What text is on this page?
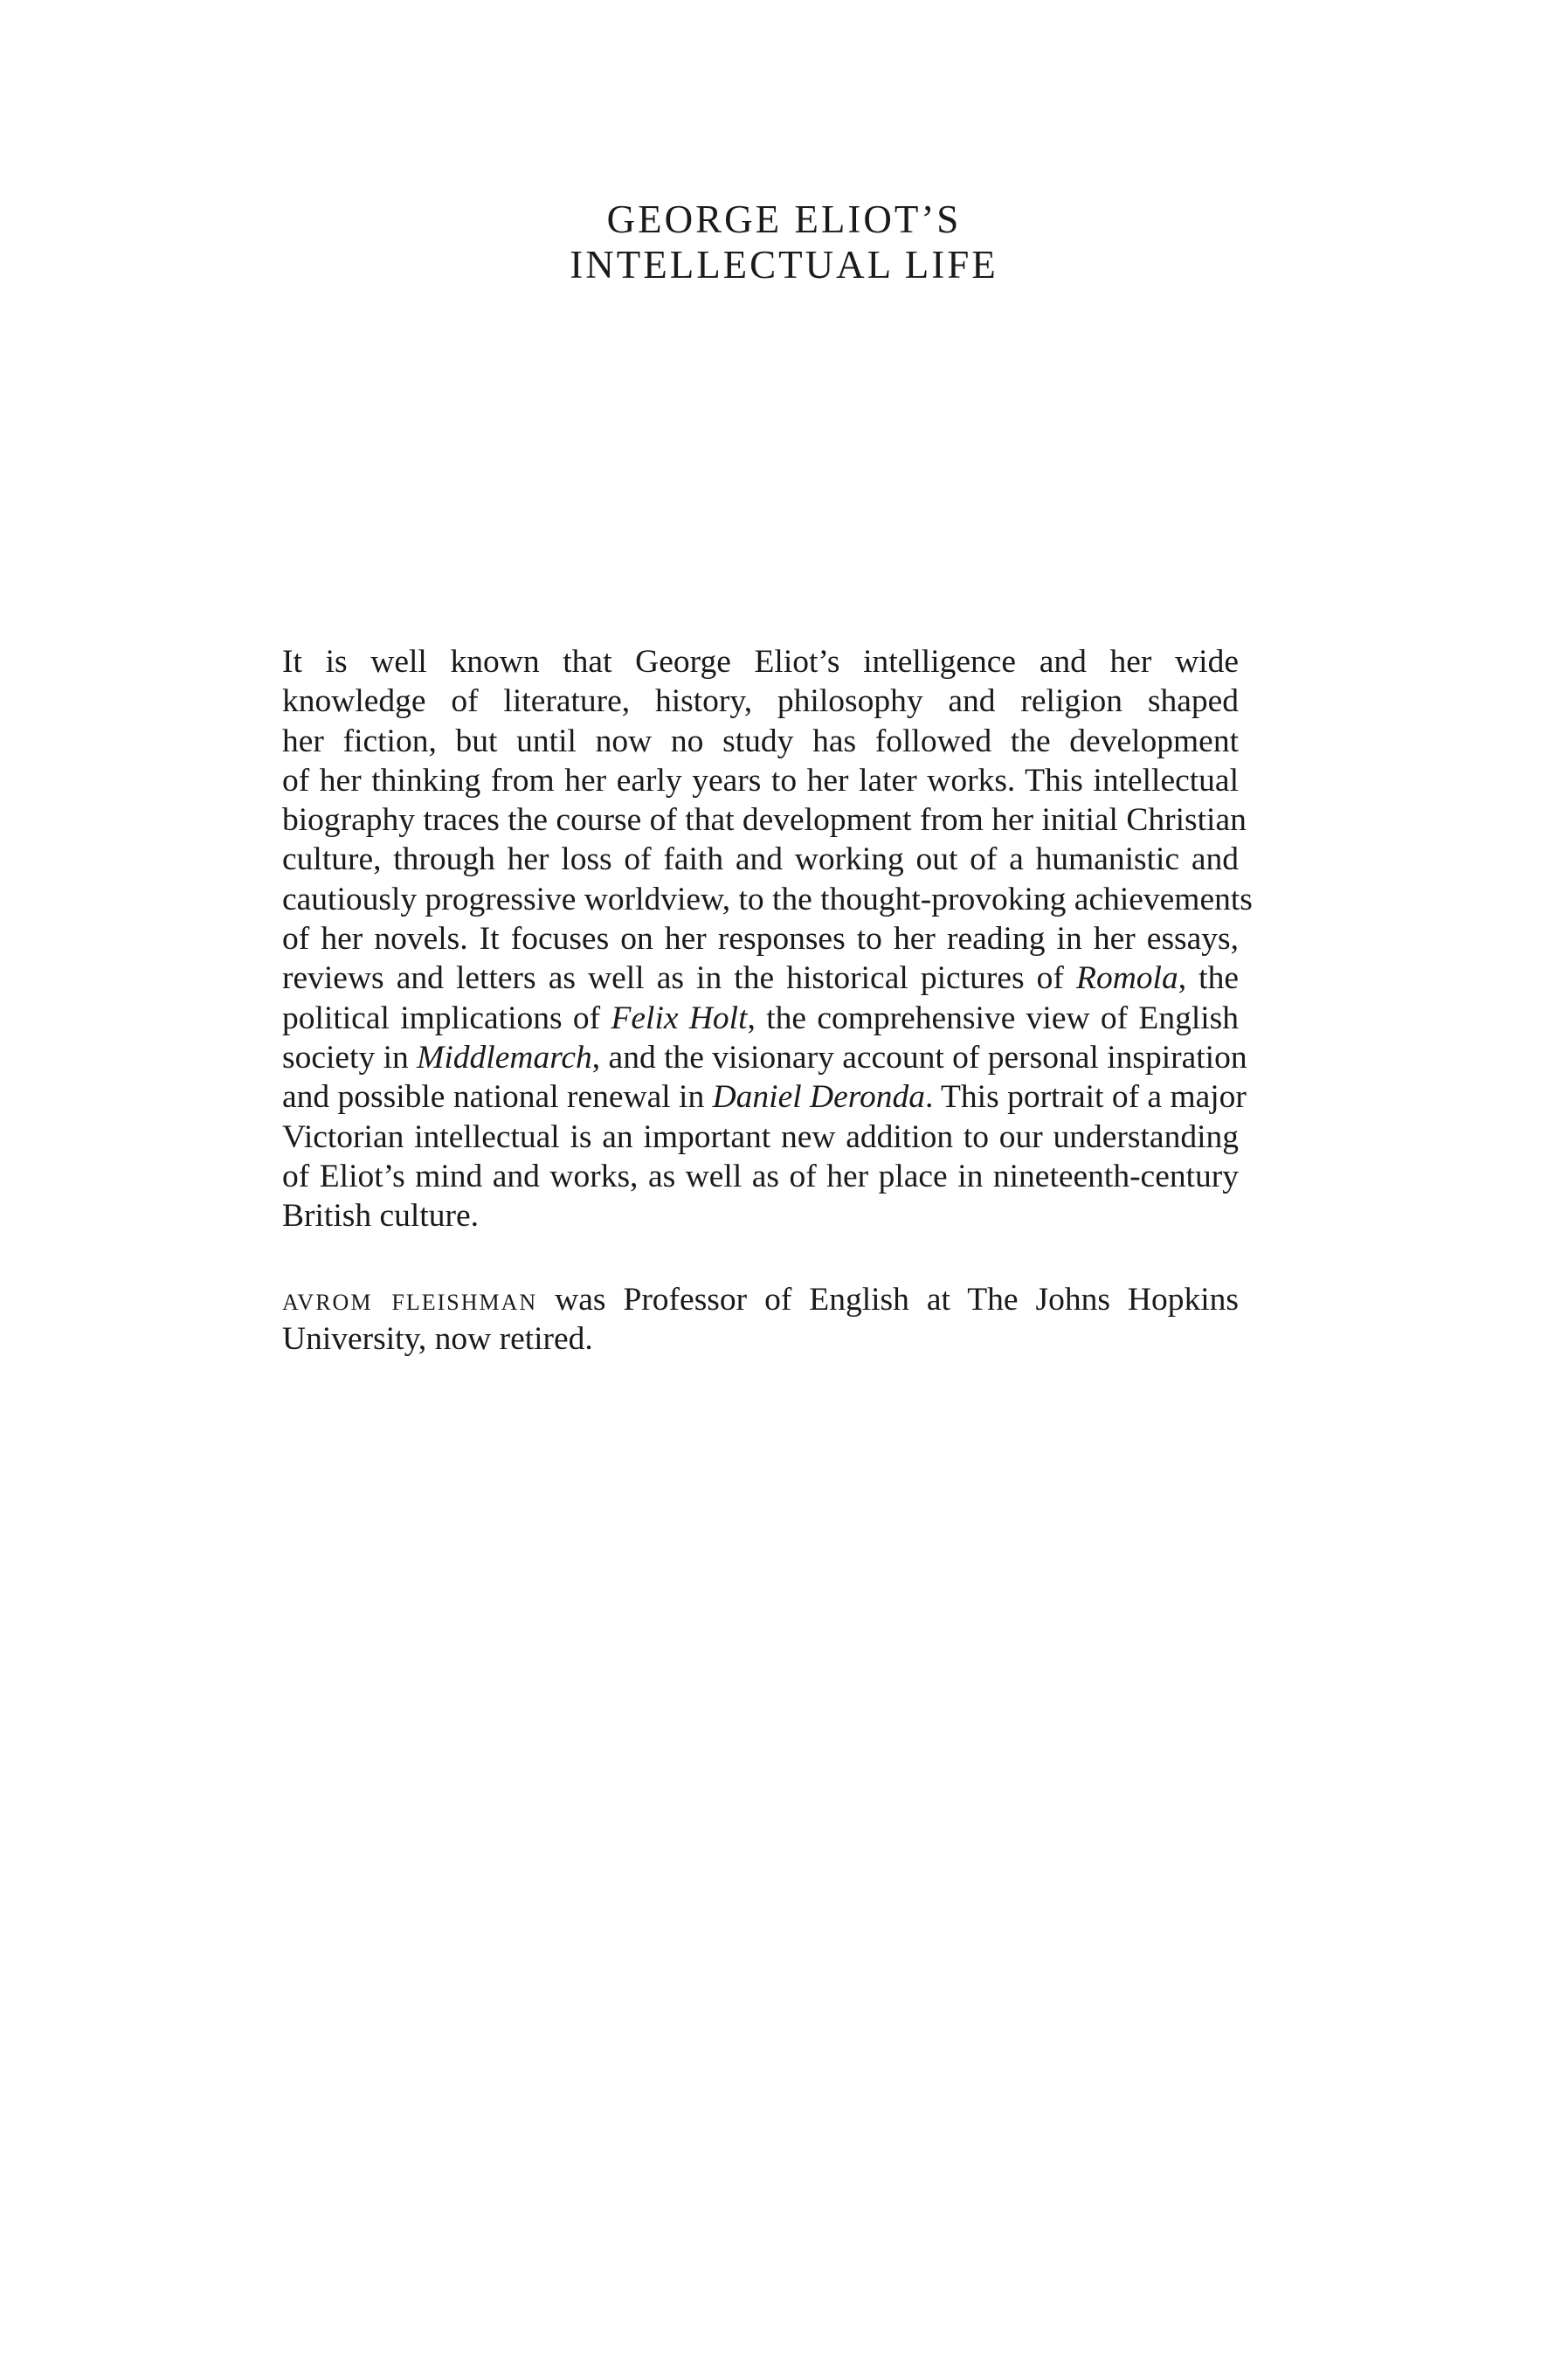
GEORGE ELIOT’S
INTELLECTUAL LIFE
It is well known that George Eliot’s intelligence and her wide
knowledge of literature, history, philosophy and religion shaped
her fiction, but until now no study has followed the development
of her thinking from her early years to her later works. This intellectual
biography traces the course of that development from her initial Christian
culture, through her loss of faith and working out of a humanistic and
cautiously progressive worldview, to the thought-provoking achievements
of her novels. It focuses on her responses to her reading in her essays,
reviews and letters as well as in the historical pictures of Romola, the
political implications of Felix Holt, the comprehensive view of English
society in Middlemarch, and the visionary account of personal inspiration
and possible national renewal in Daniel Deronda. This portrait of a major
Victorian intellectual is an important new addition to our understanding
of Eliot’s mind and works, as well as of her place in nineteenth-century
British culture.
avrom fleishman was Professor of English at The Johns Hopkins
University, now retired.
